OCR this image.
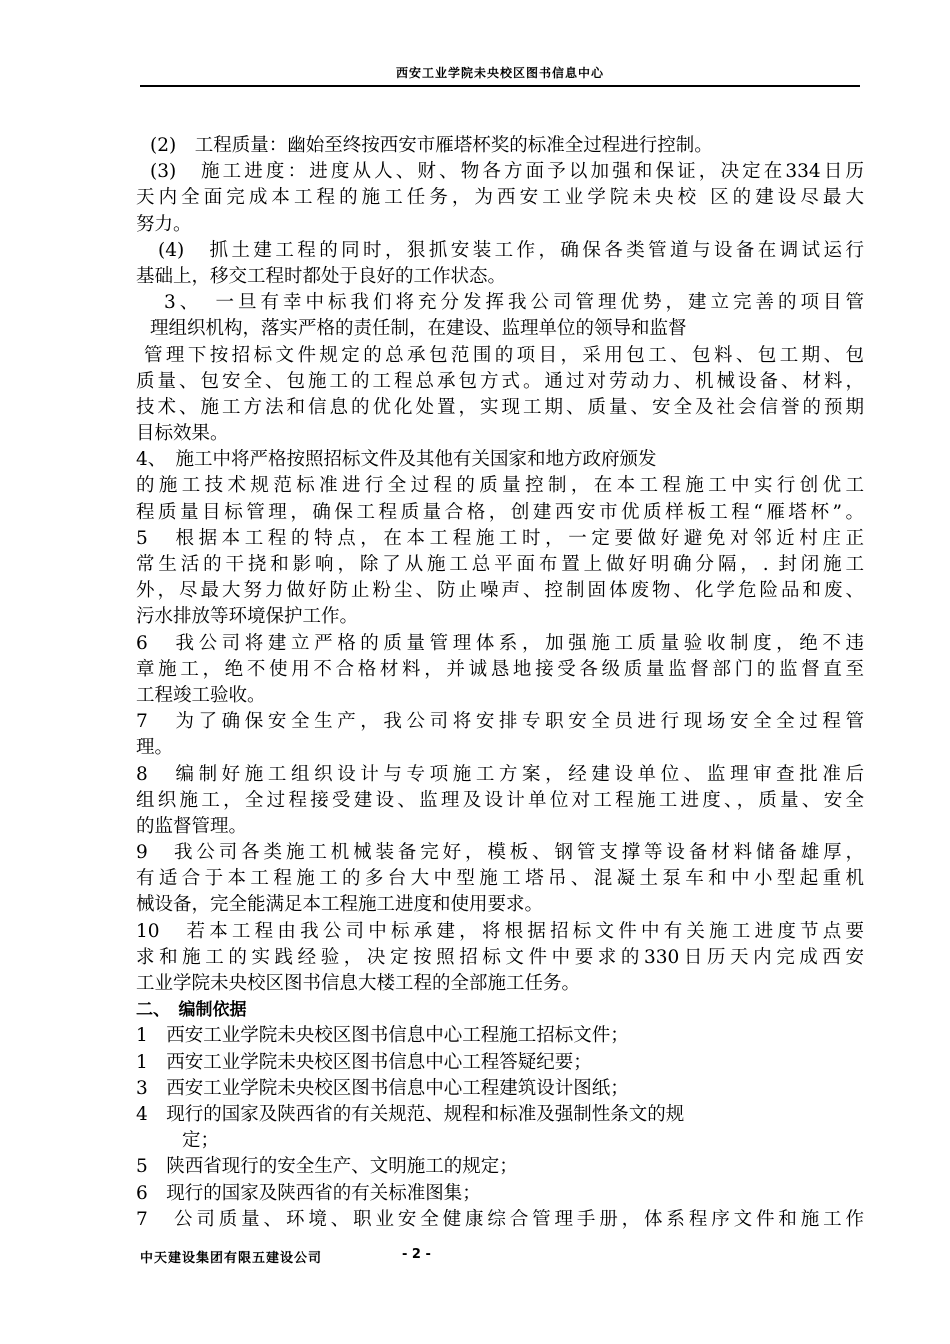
西安工业学院未央校区图书信息中心
(2)　工程质量：幽始至终按西安市雁塔杯奖的标准全过程进行控制。
(3)　施工进度：进度从人、财、物各方面予以加强和保证，决定在334日历
天内全面完成本工程的施工任务，为西安工业学院未央校 区的建设尽最大
努力。
(4)　抓土建工程的同时，狠抓安装工作，确保各类管道与设备在调试运行
基础上，移交工程时都处于良好的工作状态。
3、　一旦有幸中标我们将充分发挥我公司管理优势，建立完善的项目管
理组织机构，落实严格的责任制，在建设、监理单位的领导和监督
管理下按招标文件规定的总承包范围的项目，采用包工、包料、包工期、包
质量、包安全、包施工的工程总承包方式。通过对劳动力、机械设备、材料，
技术、施工方法和信息的优化处置，实现工期、质量、安全及社会信誉的预期
目标效果。
4、　施工中将严格按照招标文件及其他有关国家和地方政府颁发
的施工技术规范标准进行全过程的质量控制，在本工程施工中实行创优工
程质量目标管理，确保工程质量合格，创建西安市优质样板工程“雁塔杯”。
5　根据本工程的特点，在本工程施工时，一定要做好避免对邻近村庄正
常生活的干挠和影响，除了从施工总平面布置上做好明确分隔，. 封闭施工
外，尽最大努力做好防止粉尘、防止噪声、控制固体废物、化学危险品和废、
污水排放等环境保护工作。
6　我公司将建立严格的质量管理体系，加强施工质量验收制度，绝不违
章施工，绝不使用不合格材料，并诚恳地接受各级质量监督部门的监督直至
工程竣工验收。
7　为了确保安全生产，我公司将安排专职安全员进行现场安全全过程管
理。
8　编制好施工组织设计与专项施工方案，经建设单位、监理审查批准后
组织施工，全过程接受建设、监理及设计单位对工程施工进度、，质量、安全
的监督管理。
9　我公司各类施工机械装备完好，模板、钢管支撑等设备材料储备雄厚，
有适合于本工程施工的多台大中型施工塔吊、混凝土泵车和中小型起重机
械设备，完全能满足本工程施工进度和使用要求。
10　若本工程由我公司中标承建，将根据招标文件中有关施工进度节点要
求和施工的实践经验，决定按照招标文件中要求的330日历天内完成西安
工业学院未央校区图书信息大楼工程的全部施工任务。
二、　编制依据
1　西安工业学院未央校区图书信息中心工程施工招标文件；
1　西安工业学院未央校区图书信息中心工程答疑纪要；
3　西安工业学院未央校区图书信息中心工程建筑设计图纸；
4　现行的国家及陕西省的有关规范、规程和标准及强制性条文的规
定；
5　陕西省现行的安全生产、文明施工的规定；
6　现行的国家及陕西省的有关标准图集；
7　公司质量、环境、职业安全健康综合管理手册，体系程序文件和施工作
中天建设集团有限五建设公司	- 2 -
